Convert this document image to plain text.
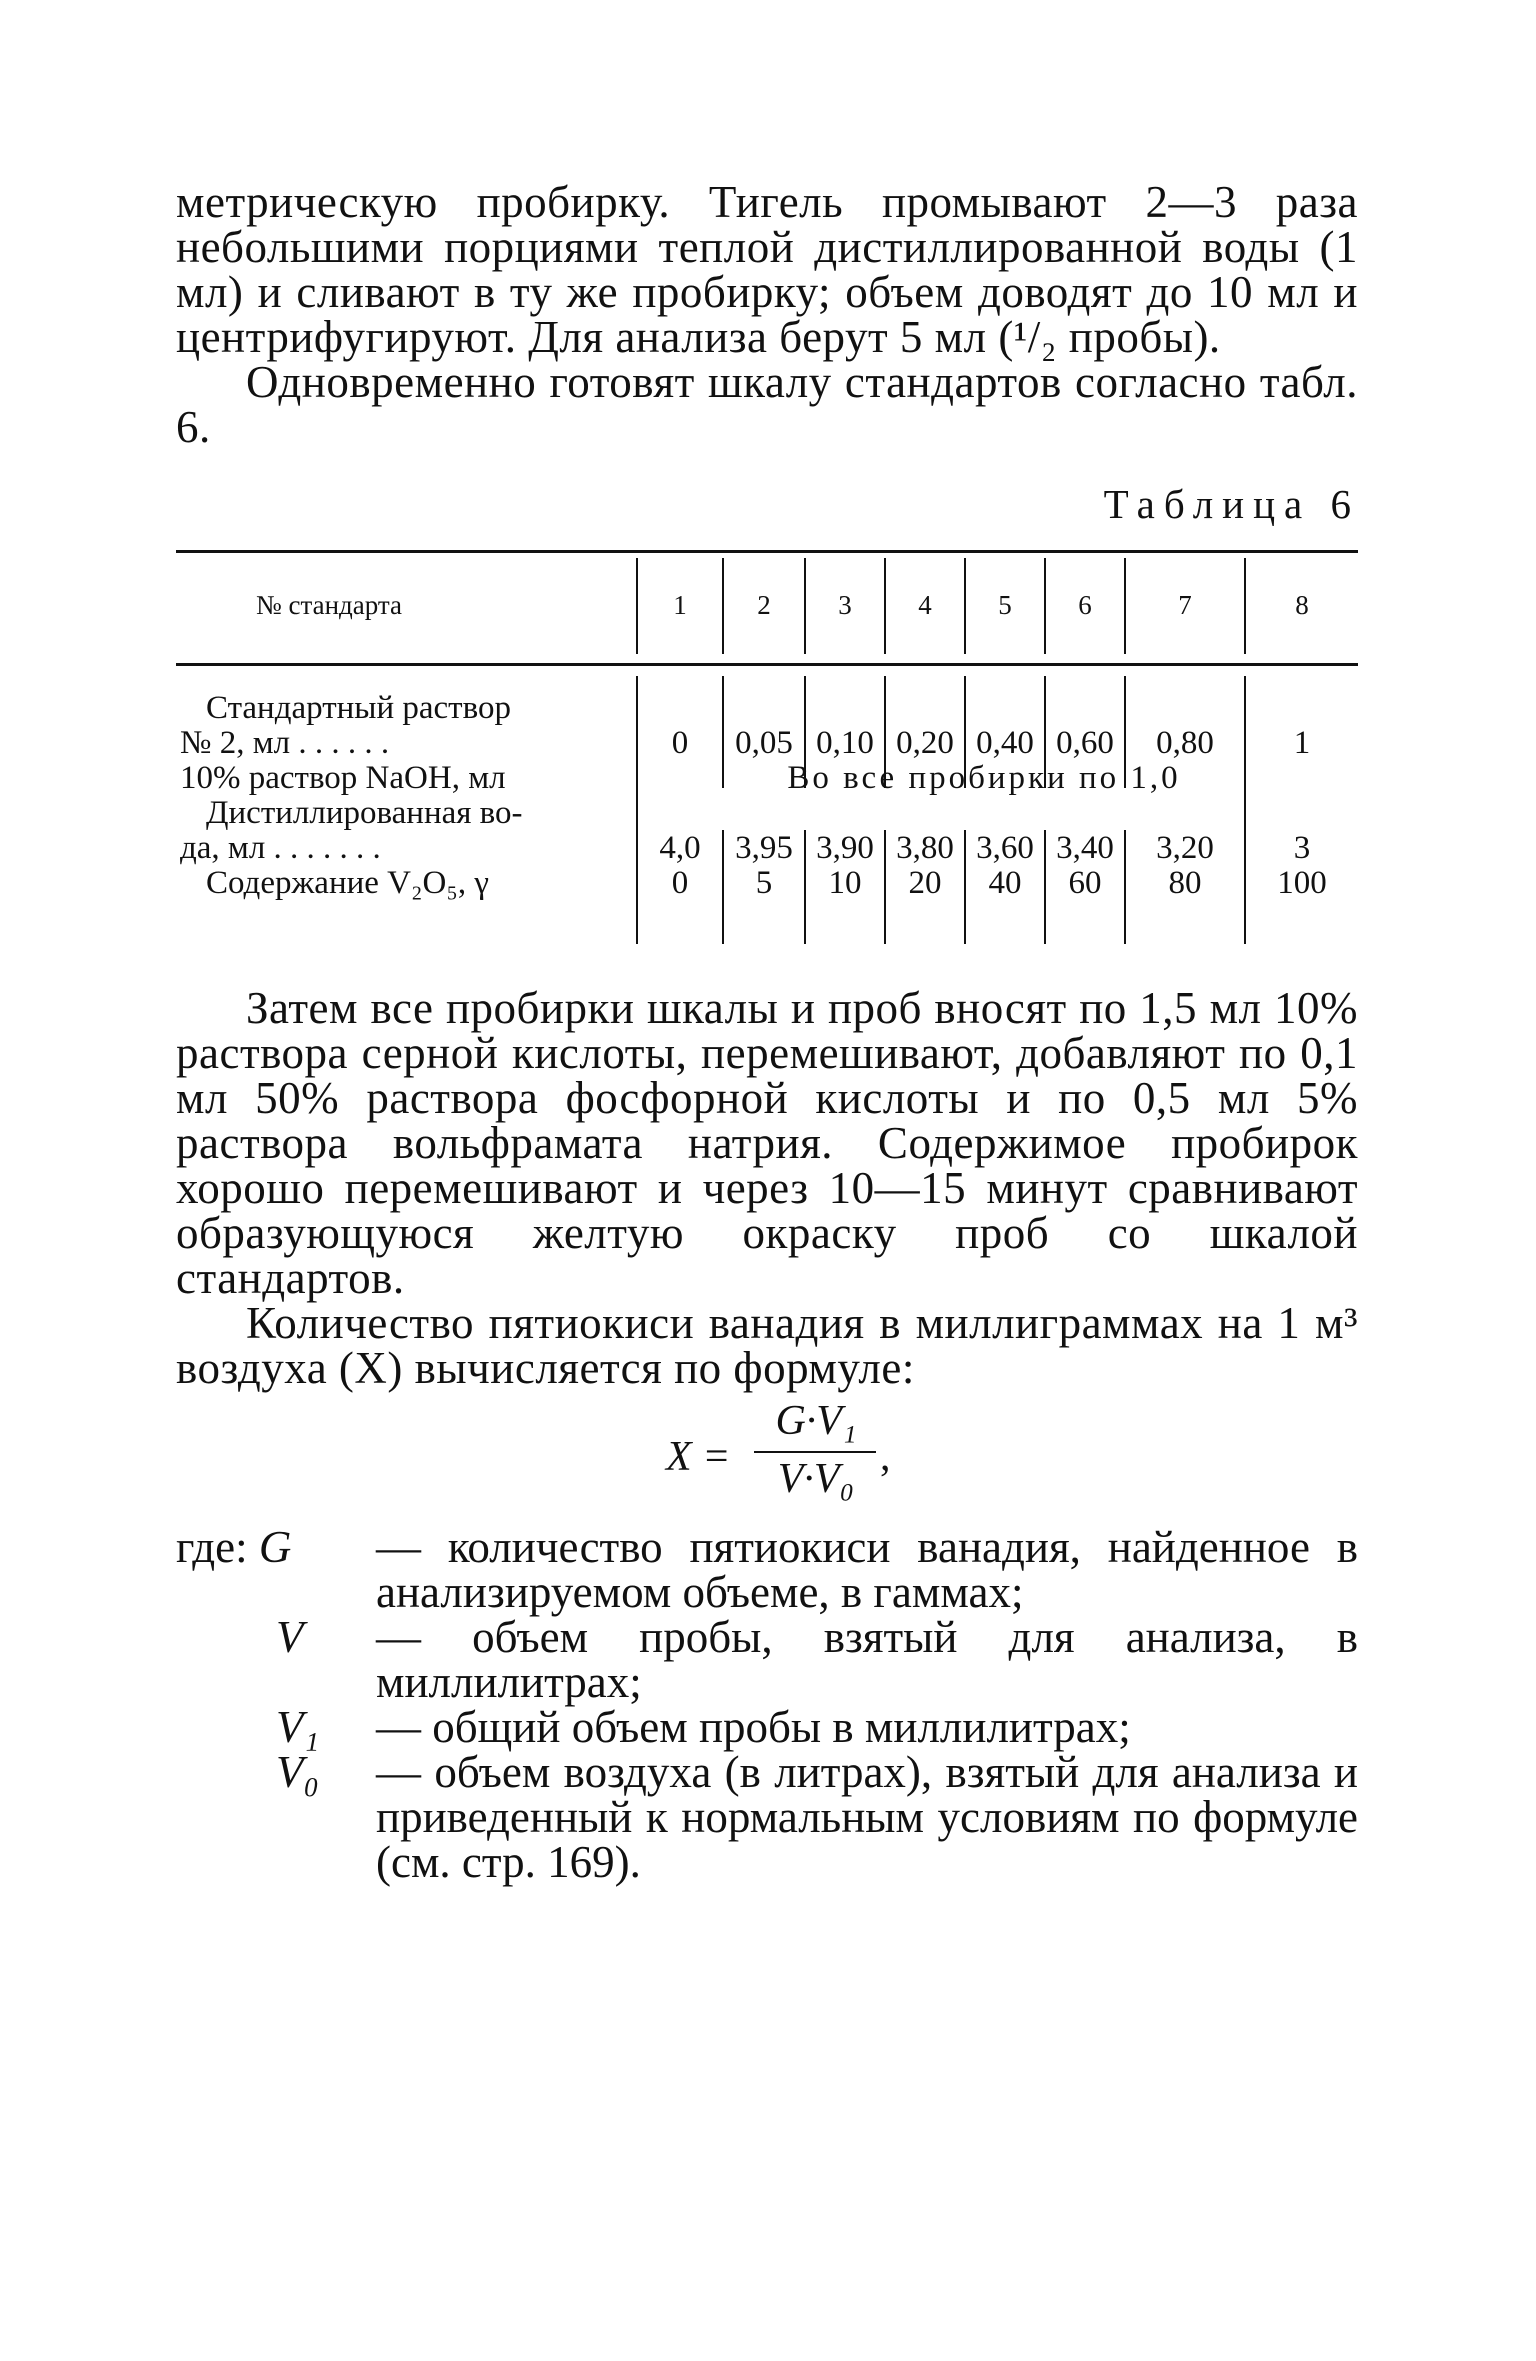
метрическую пробирку. Тигель промывают 2—3 раза небольшими порциями теплой дистиллированной воды (1 мл) и сливают в ту же пробирку; объем доводят до 10 мл и центрифугируют. Для анализа берут 5 мл (¹/₂ пробы).

Одновременно готовят шкалу стандартов согласно табл. 6.

Таблица 6
№ стандарта	1	2	3	4	5	6	7	8
Стандартный раствор
№ 2, мл . . . . . .	0	0,05 0,10 0,20 0,40 0,60	0,80	1
10% раствор NaOH, мл	Во все пробирки по 1,0
Дистиллированная во-
да, мл . . . . . . .	4,0	3,95 3,90 3,80 3,60 3,40	3,20	3
Содержание V₂O₅, γ	0	5	10	20	40	60	80	100

Затем все пробирки шкалы и проб вносят по 1,5 мл 10% раствора серной кислоты, перемешивают, добавляют по 0,1 мл 50% раствора фосфорной кислоты и по 0,5 мл 5% раствора вольфрамата натрия. Содержимое пробирок хорошо перемешивают и через 10—15 минут сравнивают образующуюся желтую окраску проб со шкалой стандартов.

Количество пятиокиси ванадия в миллиграммах на 1 м³ воздуха (X) вычисляется по формуле:

X =
G·V₁
V·V₀ ,
где: G	— количество пятиокиси ванадия, найденное в анализируемом объеме, в гаммах;
V	— объем пробы, взятый для анализа, в миллилитрах;
V₁	— общий объем пробы в миллилитрах;
V₀	— объем воздуха (в литрах), взятый для анализа и приведенный к нормальным условиям по формуле (см. стр. 169).
